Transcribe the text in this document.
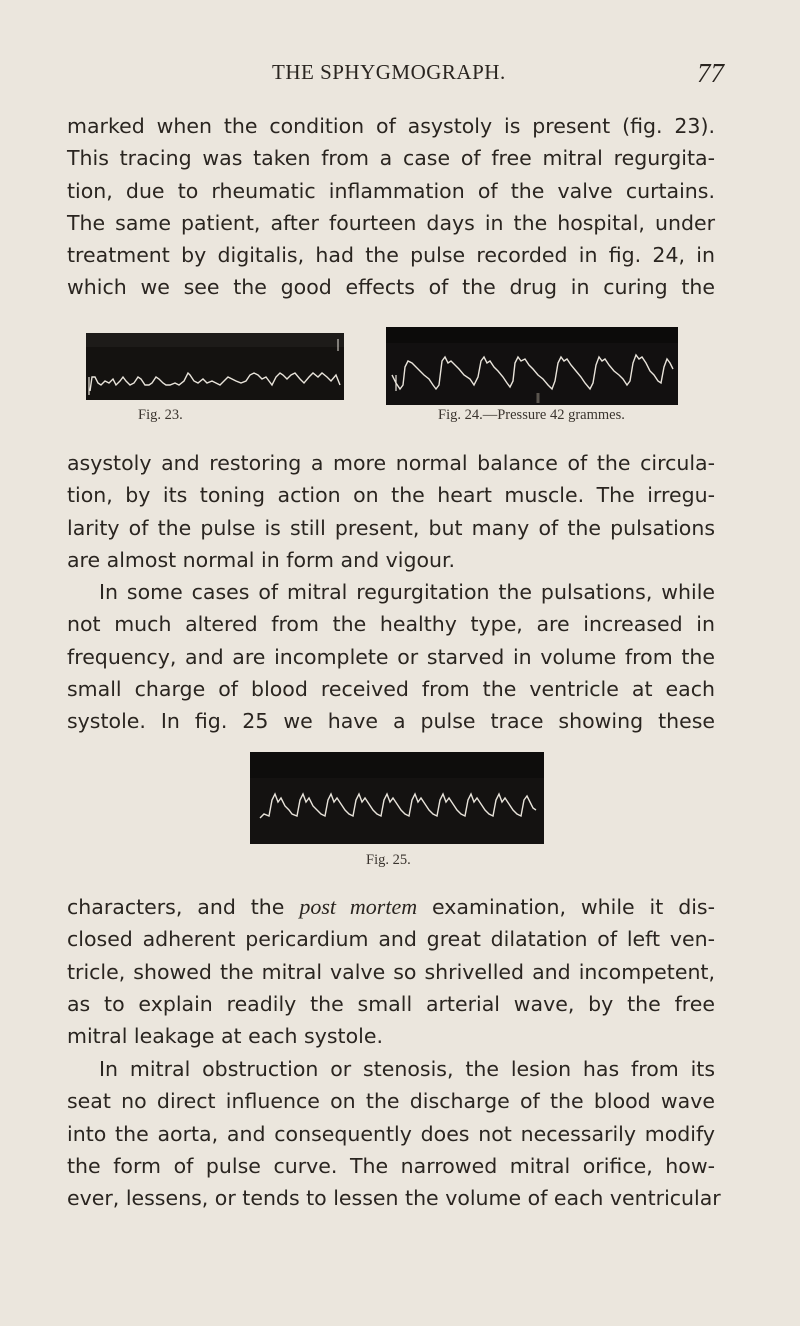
THE SPHYGMOGRAPH.	77
marked when the condition of asystoly is present (fig. 23).
This tracing was taken from a case of free mitral regurgita-
tion, due to rheumatic inflammation of the valve curtains.
The same patient, after fourteen days in the hospital, under
treatment by digitalis, had the pulse recorded in fig. 24, in
which we see the good effects of the drug in curing the
Fig. 23.	Fig. 24.—Pressure 42 grammes.
asystoly and restoring a more normal balance of the circula-
tion, by its toning action on the heart muscle. The irregu-
larity of the pulse is still present, but many of the pulsations
are almost normal in form and vigour.
In some cases of mitral regurgitation the pulsations, while
not much altered from the healthy type, are increased in
frequency, and are incomplete or starved in volume from the
small charge of blood received from the ventricle at each
systole. In fig. 25 we have a pulse trace showing these
Fig. 25.
characters, and the post mortem examination, while it dis-
closed adherent pericardium and great dilatation of left ven-
tricle, showed the mitral valve so shrivelled and incompetent,
as to explain readily the small arterial wave, by the free
mitral leakage at each systole.
In mitral obstruction or stenosis, the lesion has from its
seat no direct influence on the discharge of the blood wave
into the aorta, and consequently does not necessarily modify
the form of pulse curve. The narrowed mitral orifice, how-
ever, lessens, or tends to lessen the volume of each ventricular
